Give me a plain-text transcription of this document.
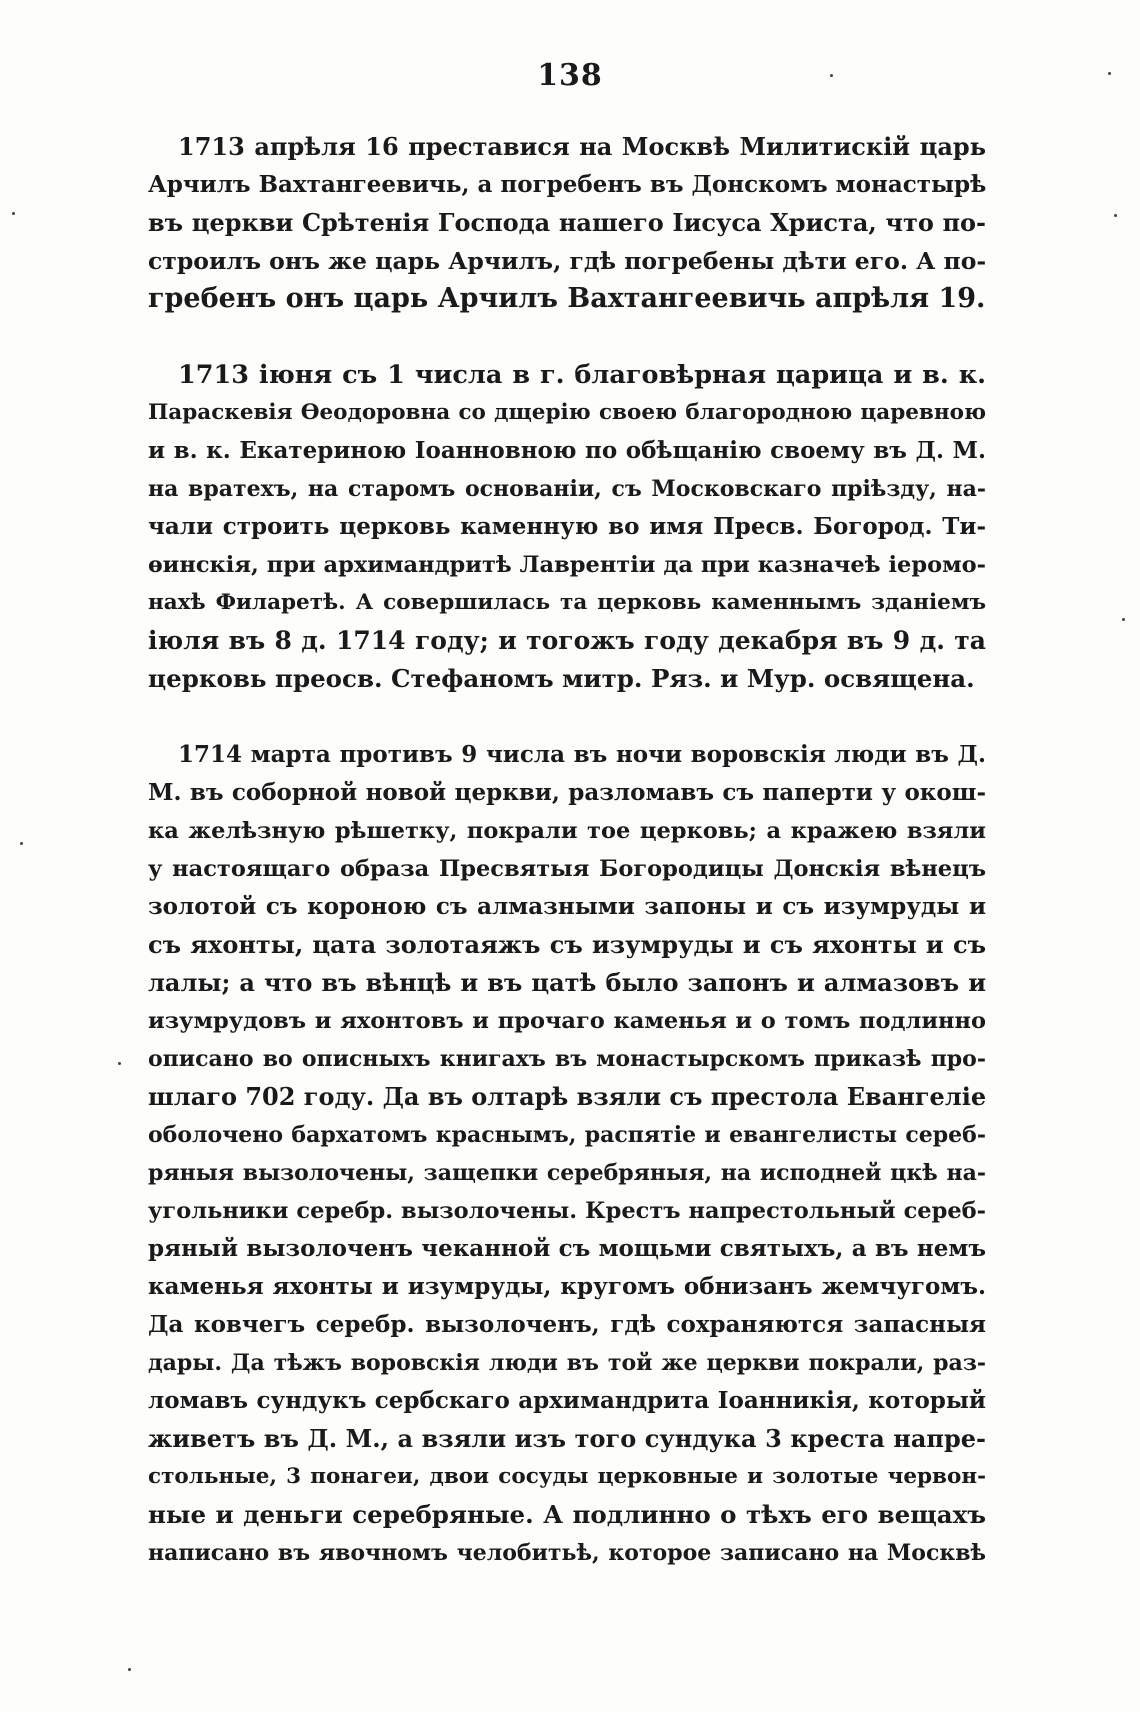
138
1713 апрѣля 16 преставися на Москвѣ Милитискій царь
Арчилъ Вахтангеевичь, а погребенъ въ Донскомъ монастырѣ
въ церкви Срѣтенія Господа нашего Іисуса Христа, что по-
строилъ онъ же царь Арчилъ, гдѣ погребены дѣти его. А по-
гребенъ онъ царь Арчилъ Вахтангеевичь апрѣля 19.
1713 іюня съ 1 числа в г. благовѣрная царица и в. к.
Параскевія Ѳеодоровна со дщерію своею благородною царевною
и в. к. Екатериною Іоанновною по обѣщанію своему въ Д. М.
на вратехъ, на старомъ основаніи, съ Московскаго пріѣзду, на-
чали строить церковь каменную во имя Пресв. Богород. Ти-
ѳинскія, при архимандритѣ Лаврентіи да при казначеѣ іеромо-
нахѣ Филаретѣ. А совершилась та церковь каменнымъ зданіемъ
іюля въ 8 д. 1714 году; и тогожъ году декабря въ 9 д. та
церковь преосв. Стефаномъ митр. Ряз. и Мур. освящена.
1714 марта противъ 9 числа въ ночи воровскія люди въ Д.
М. въ соборной новой церкви, разломавъ съ паперти у окош-
ка желѣзную рѣшетку, покрали тое церковь; а кражею взяли
у настоящаго образа Пресвятыя Богородицы Донскія вѣнецъ
золотой съ короною съ алмазными запоны и съ изумруды и
съ яхонты, цата золотаяжъ съ изумруды и съ яхонты и съ
лалы; а что въ вѣнцѣ и въ цатѣ было запонъ и алмазовъ и
изумрудовъ и яхонтовъ и прочаго каменья и о томъ подлинно
описано во описныхъ книгахъ въ монастырскомъ приказѣ про-
шлаго 702 году. Да въ олтарѣ взяли съ престола Евангеліе
оболочено бархатомъ краснымъ, распятіе и евангелисты сереб-
ряныя вызолочены, защепки серебряныя, на исподней цкѣ на-
угольники серебр. вызолочены. Крестъ напрестольный сереб-
ряный вызолоченъ чеканной съ мощьми святыхъ, а въ немъ
каменья яхонты и изумруды, кругомъ обнизанъ жемчугомъ.
Да ковчегъ серебр. вызолоченъ, гдѣ сохраняются запасныя
дары. Да тѣжъ воровскія люди въ той же церкви покрали, раз-
ломавъ сундукъ сербскаго архимандрита Іоанникія, который
живетъ въ Д. М., а взяли изъ того сундука 3 креста напре-
стольные, 3 понагеи, двои сосуды церковные и золотые червон-
ные и деньги серебряные. А подлинно о тѣхъ его вещахъ
написано въ явочномъ челобитьѣ, которое записано на Москвѣ
